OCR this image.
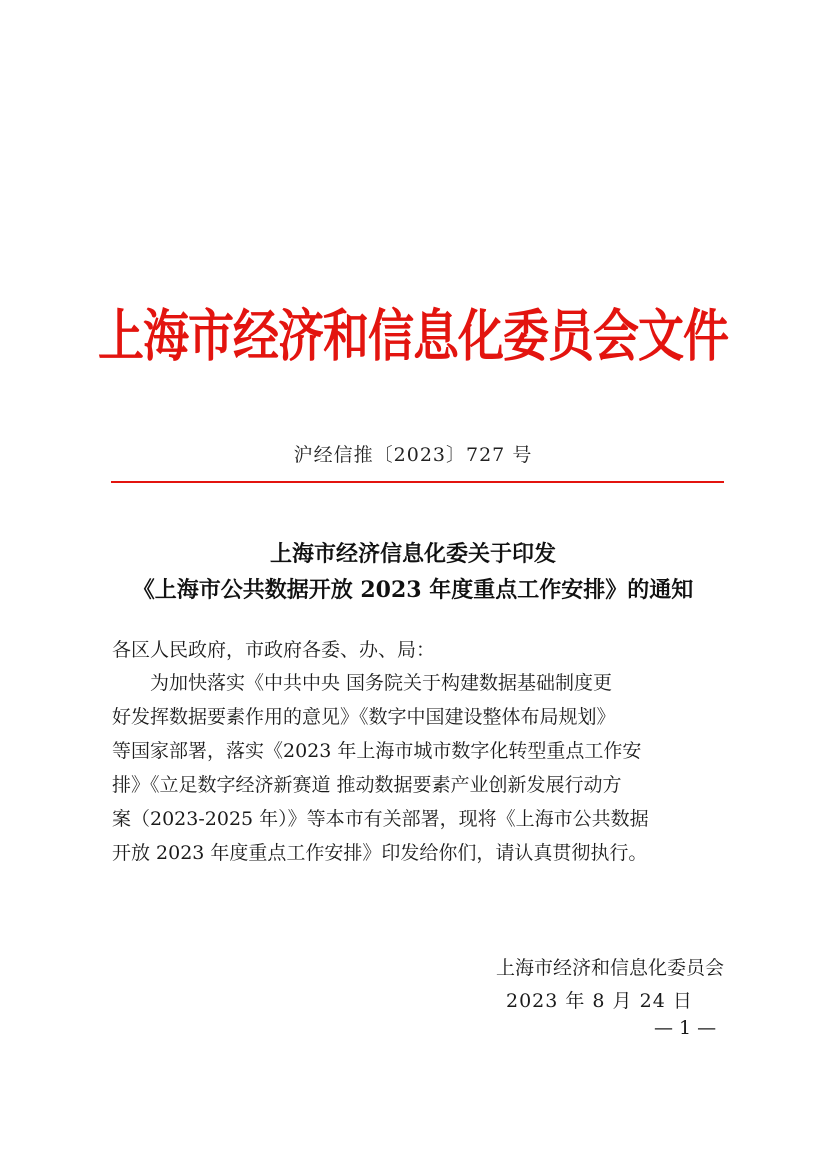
上海市经济和信息化委员会文件
沪经信推〔2023〕727 号
上海市经济信息化委关于印发
《上海市公共数据开放 2023 年度重点工作安排》的通知
各区人民政府，市政府各委、办、局：
为加快落实《中共中央 国务院关于构建数据基础制度更
好发挥数据要素作用的意见》《数字中国建设整体布局规划》
等国家部署，落实《2023 年上海市城市数字化转型重点工作安
排》《立足数字经济新赛道 推动数据要素产业创新发展行动方
案（2023-2025 年）》等本市有关部署，现将《上海市公共数据
开放 2023 年度重点工作安排》印发给你们，请认真贯彻执行。
上海市经济和信息化委员会
2023 年 8 月 24 日
— 1 —
